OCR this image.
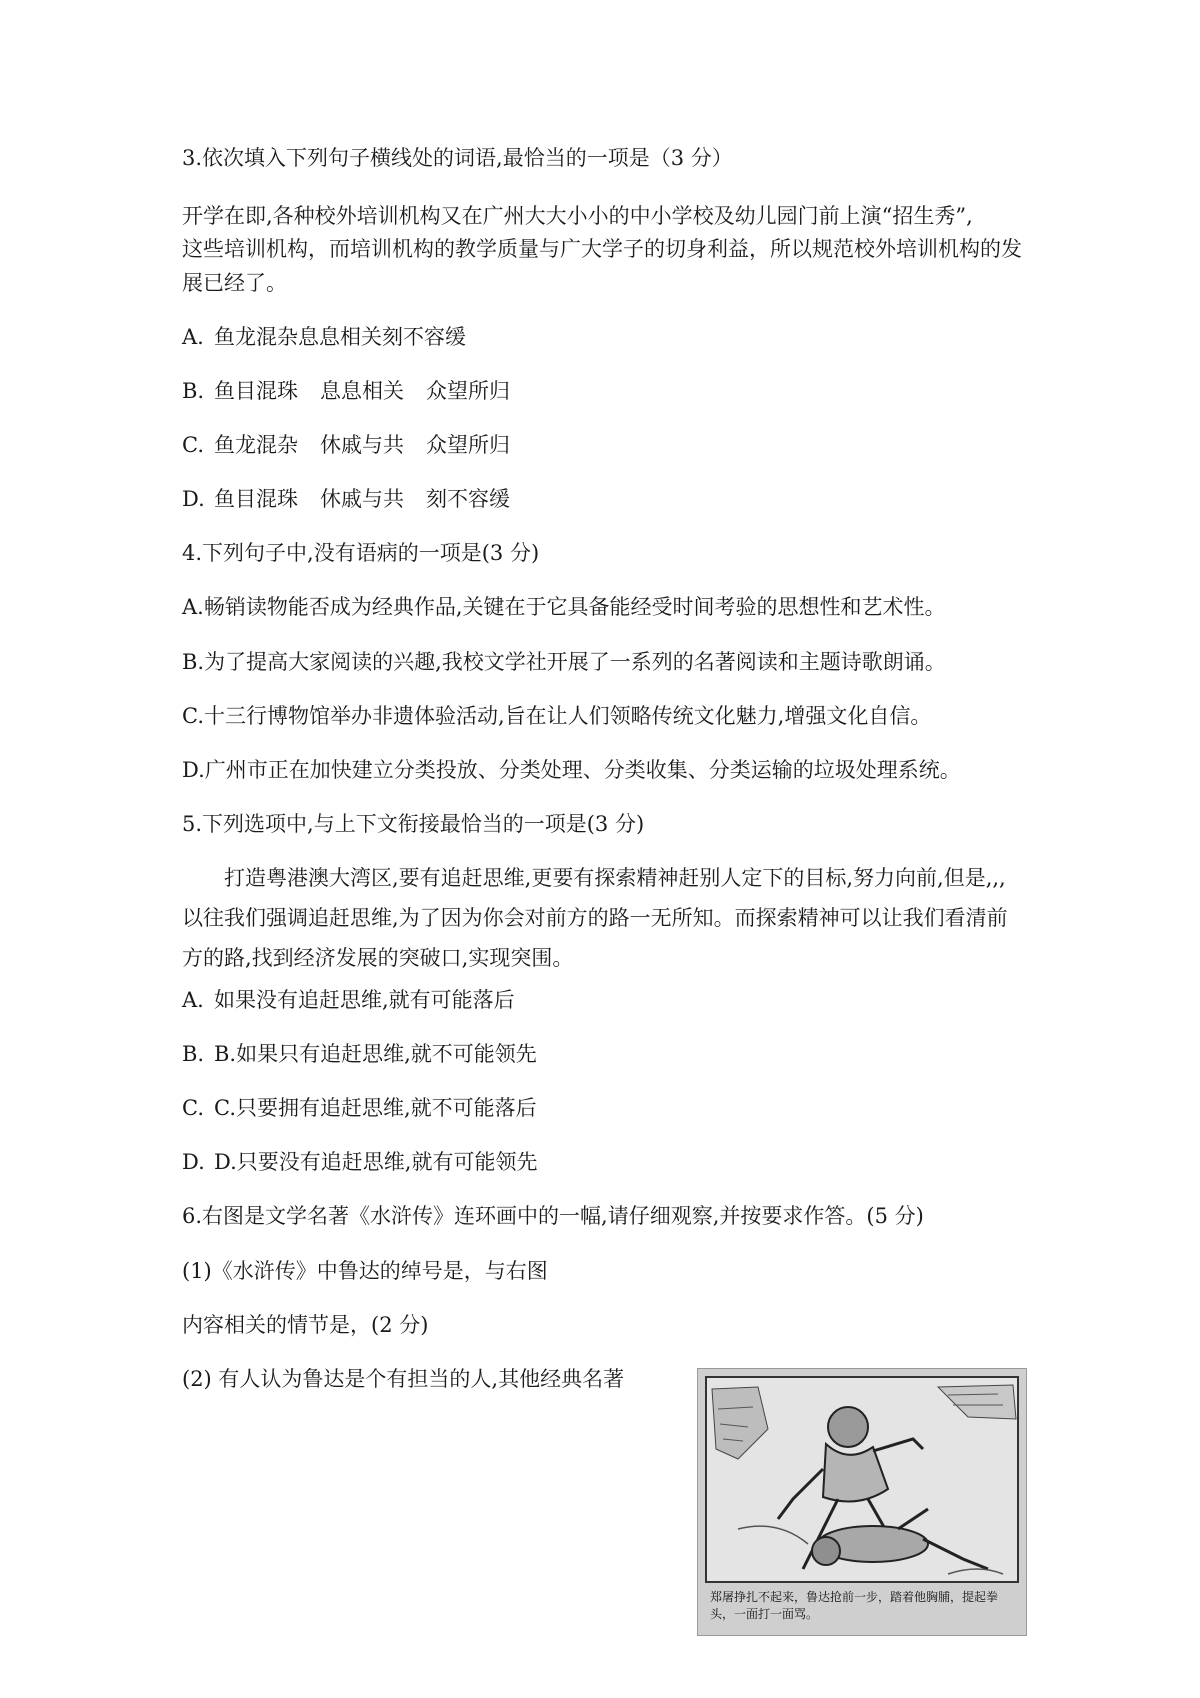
3.依次填入下列句子横线处的词语,最恰当的一项是（3 分）
开学在即,各种校外培训机构又在广州大大小小的中小学校及幼儿园门前上演“招生秀”,
这些培训机构，而培训机构的教学质量与广大学子的切身利益，所以规范校外培训机构的发
展已经了。
A. 鱼龙混杂息息相关刻不容缓
B. 鱼目混珠 息息相关 众望所归
C. 鱼龙混杂 休戚与共 众望所归
D. 鱼目混珠 休戚与共 刻不容缓
4.下列句子中,没有语病的一项是(3 分)
A.畅销读物能否成为经典作品,关键在于它具备能经受时间考验的思想性和艺术性。
B.为了提高大家阅读的兴趣,我校文学社开展了一系列的名著阅读和主题诗歌朗诵。
C.十三行博物馆举办非遗体验活动,旨在让人们领略传统文化魅力,增强文化自信。
D.广州市正在加快建立分类投放、分类处理、分类收集、分类运输的垃圾处理系统。
5.下列选项中,与上下文衔接最恰当的一项是(3 分)
打造粤港澳大湾区,要有追赶思维,更要有探索精神赶别人定下的目标,努力向前,但是,,,以往我们强调追赶思维,为了因为你会对前方的路一无所知。而探索精神可以让我们看清前方的路,找到经济发展的突破口,实现突围。
A. 如果没有追赶思维,就有可能落后
B. B.如果只有追赶思维,就不可能领先
C. C.只要拥有追赶思维,就不可能落后
D. D.只要没有追赶思维,就有可能领先
6.右图是文学名著《水浒传》连环画中的一幅,请仔细观察,并按要求作答。(5 分)
(1)《水浒传》中鲁达的绰号是，与右图
内容相关的情节是，(2 分)
(2) 有人认为鲁达是个有担当的人,其他经典名著
郑屠挣扎不起来，鲁达抢前一步，踏着他胸脯，提起拳头，一面打一面骂。
